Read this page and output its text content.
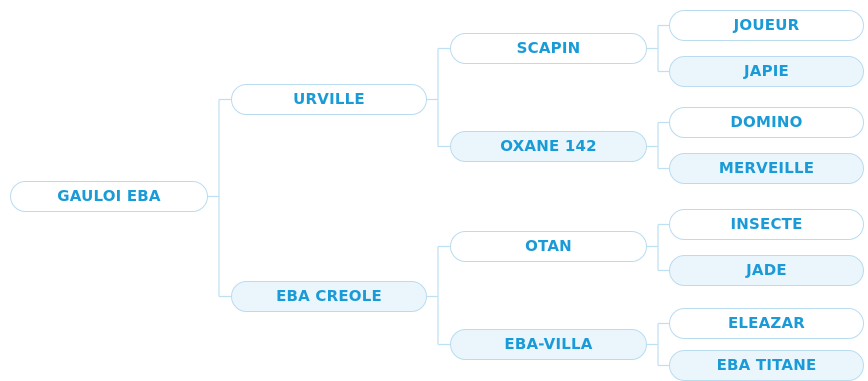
GAULOI EBA
URVILLE
EBA CREOLE
SCAPIN
OXANE 142
OTAN
EBA-VILLA
JOUEUR
JAPIE
DOMINO
MERVEILLE
INSECTE
JADE
ELEAZAR
EBA TITANE
